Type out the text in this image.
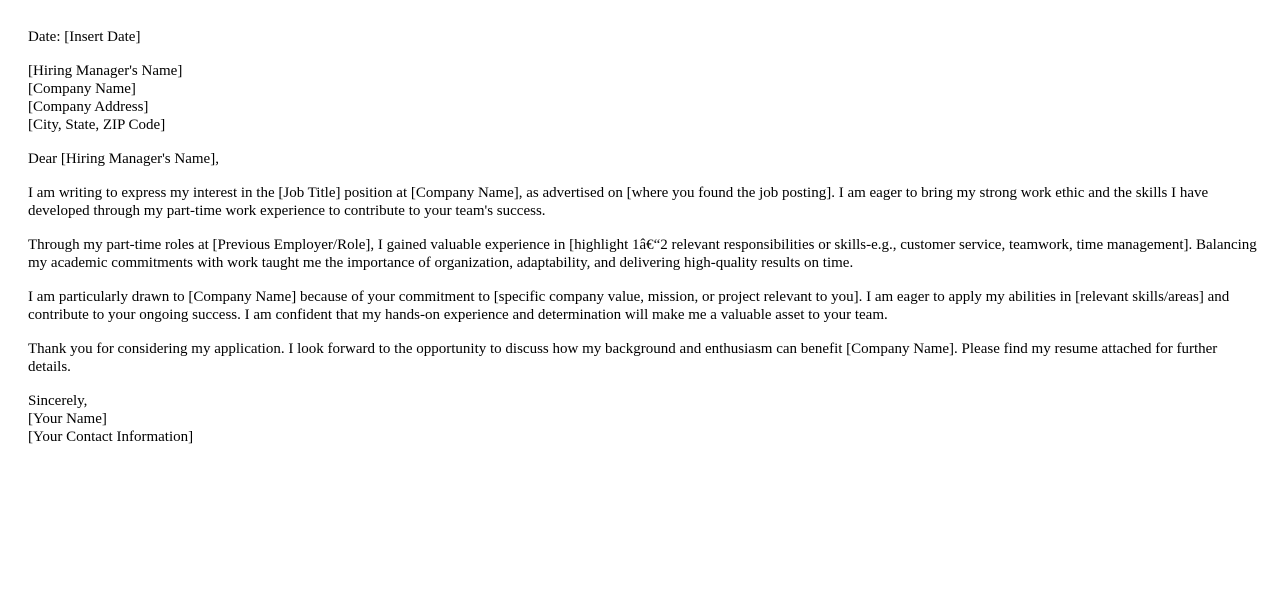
Date: [Insert Date]
[Hiring Manager's Name]
[Company Name]
[Company Address]
[City, State, ZIP Code]
Dear [Hiring Manager's Name],

I am writing to express my interest in the [Job Title] position at [Company Name], as advertised on [where you found the job posting]. I am eager to bring my strong work ethic and the skills I have developed through my part-time work experience to contribute to your team's success.

Through my part-time roles at [Previous Employer/Role], I gained valuable experience in [highlight 1â€“2 relevant responsibilities or skills-e.g., customer service, teamwork, time management]. Balancing my academic commitments with work taught me the importance of organization, adaptability, and delivering high-quality results on time.

I am particularly drawn to [Company Name] because of your commitment to [specific company value, mission, or project relevant to you]. I am eager to apply my abilities in [relevant skills/areas] and contribute to your ongoing success. I am confident that my hands-on experience and determination will make me a valuable asset to your team.

Thank you for considering my application. I look forward to the opportunity to discuss how my background and enthusiasm can benefit [Company Name]. Please find my resume attached for further details.

Sincerely,
[Your Name]
[Your Contact Information]
